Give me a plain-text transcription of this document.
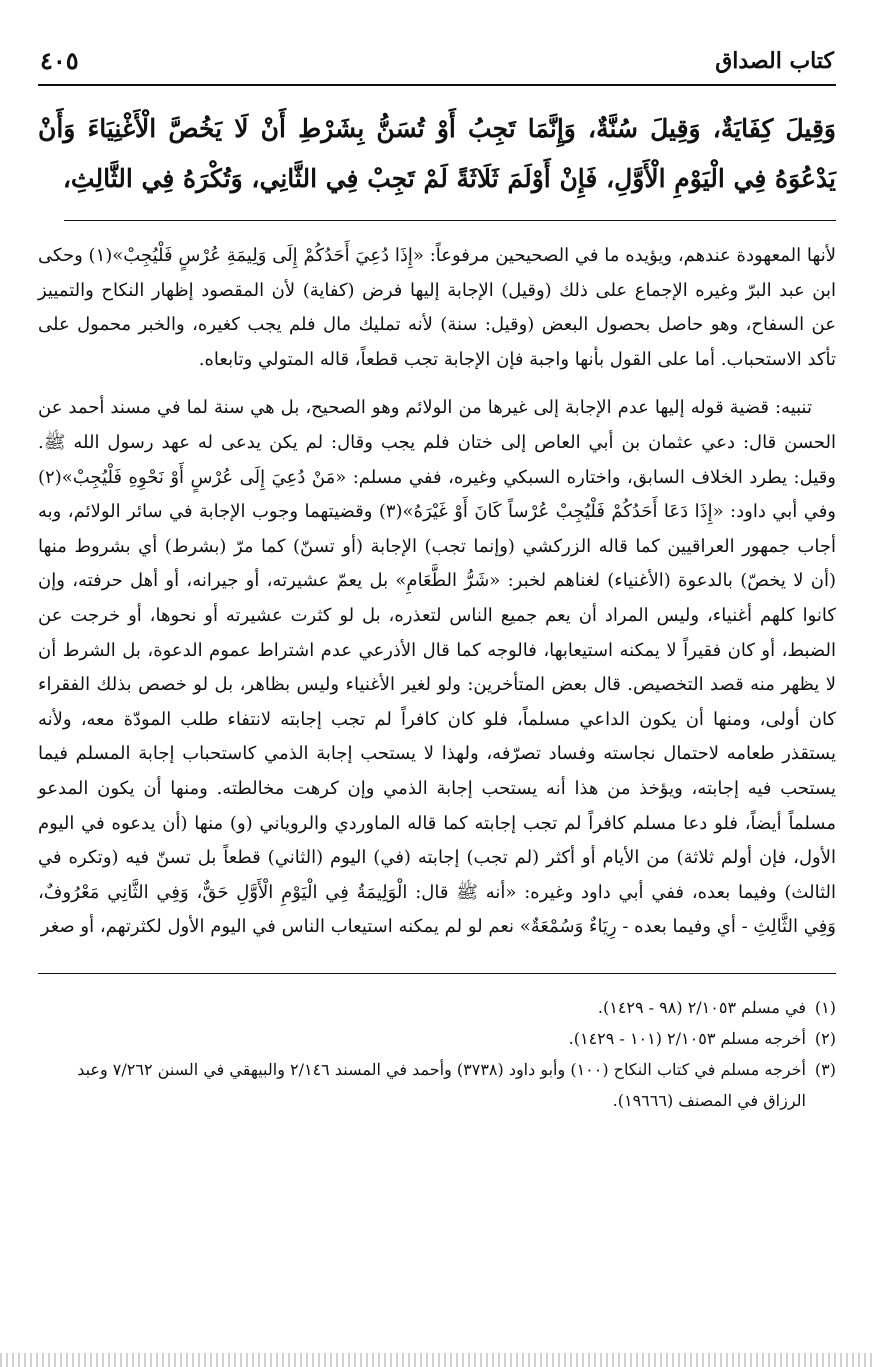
كتاب الصداق
٤٠٥
وَقِيلَ كِفَايَةٌ، وَقِيلَ سُنَّةٌ، وَإِنَّمَا تَجِبُ أَوْ تُسَنُّ بِشَرْطِ أَنْ لَا يَخُصَّ الْأَغْنِيَاءَ وَأَنْ يَدْعُوَهُ فِي الْيَوْمِ الْأَوَّلِ، فَإِنْ أَوْلَمَ ثَلَاثَةً لَمْ تَجِبْ فِي الثَّانِي، وَتُكْرَهُ فِي الثَّالِثِ،

لأنها المعهودة عندهم، ويؤيده ما في الصحيحين مرفوعاً: «إِذَا دُعِيَ أَحَدُكُمْ إِلَى وَلِيمَةِ عُرْسٍ فَلْيُجِبْ»(١) وحكى ابن عبد البرّ وغيره الإجماع على ذلك (وقيل) الإجابة إليها فرض (كفاية) لأن المقصود إظهار النكاح والتمييز عن السفاح، وهو حاصل بحصول البعض (وقيل: سنة) لأنه تمليك مال فلم يجب كغيره، والخبر محمول على تأكد الاستحباب. أما على القول بأنها واجبة فإن الإجابة تجب قطعاً، قاله المتولي وتابعاه.

تنبيه: قضية قوله إليها عدم الإجابة إلى غيرها من الولائم وهو الصحيح، بل هي سنة لما في مسند أحمد عن الحسن قال: دعي عثمان بن أبي العاص إلى ختان فلم يجب وقال: لم يكن يدعى له عهد رسول الله ﷺ. وقيل: يطرد الخلاف السابق، واختاره السبكي وغيره، ففي مسلم: «مَنْ دُعِيَ إِلَى عُرْسٍ أَوْ نَحْوِهِ فَلْيُجِبْ»(٢) وفي أبي داود: «إِذَا دَعَا أَحَدُكُمْ فَلْيُجِبْ عُرْساً كَانَ أَوْ غَيْرَهُ»(٣) وقضيتهما وجوب الإجابة في سائر الولائم، وبه أجاب جمهور العراقيين كما قاله الزركشي (وإنما تجب) الإجابة (أو تسنّ) كما مرّ (بشرط) أي بشروط منها (أن لا يخصّ) بالدعوة (الأغنياء) لغناهم لخبر: «شَرُّ الطَّعَامِ» بل يعمّ عشيرته، أو جيرانه، أو أهل حرفته، وإن كانوا كلهم أغنياء، وليس المراد أن يعم جميع الناس لتعذره، بل لو كثرت عشيرته أو نحوها، أو خرجت عن الضبط، أو كان فقيراً لا يمكنه استيعابها، فالوجه كما قال الأذرعي عدم اشتراط عموم الدعوة، بل الشرط أن لا يظهر منه قصد التخصيص. قال بعض المتأخرين: ولو لغير الأغنياء وليس بظاهر، بل لو خصص بذلك الفقراء كان أولى، ومنها أن يكون الداعي مسلماً، فلو كان كافراً لم تجب إجابته لانتفاء طلب المودّة معه، ولأنه يستقذر طعامه لاحتمال نجاسته وفساد تصرّفه، ولهذا لا يستحب إجابة الذمي كاستحباب إجابة المسلم فيما يستحب فيه إجابته، ويؤخذ من هذا أنه يستحب إجابة الذمي وإن كرهت مخالطته. ومنها أن يكون المدعو مسلماً أيضاً، فلو دعا مسلم كافراً لم تجب إجابته كما قاله الماوردي والروياني (و) منها (أن يدعوه في اليوم الأول، فإن أولم ثلاثة) من الأيام أو أكثر (لم تجب) إجابته (في) اليوم (الثاني) قطعاً بل تسنّ فيه (وتكره في الثالث) وفيما بعده، ففي أبي داود وغيره: «أنه ﷺ قال: الْوَلِيمَةُ فِي الْيَوْمِ الْأَوَّلِ حَقٌّ، وَفِي الثَّانِي مَعْرُوفٌ، وَفِي الثَّالِثِ - أي وفيما بعده - رِيَاءٌ وَسُمْعَةٌ» نعم لو لم يمكنه استيعاب الناس في اليوم الأول لكثرتهم، أو صغر

(١)
في مسلم ٢/١٠٥٣ (٩٨ - ١٤٢٩).
(٢)
أخرجه مسلم ٢/١٠٥٣ (١٠١ - ١٤٢٩).
(٣)
أخرجه مسلم في كتاب النكاح (١٠٠) وأبو داود (٣٧٣٨) وأحمد في المسند ٢/١٤٦ والبيهقي في السنن ٧/٢٦٢ وعبد الرزاق في المصنف (١٩٦٦٦).
